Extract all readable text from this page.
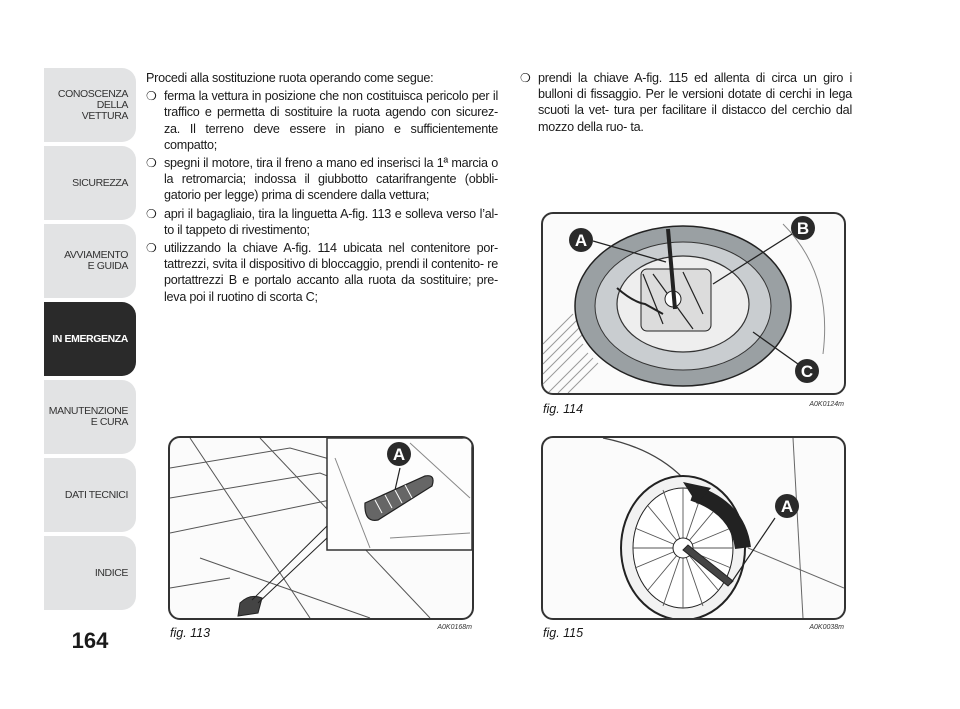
CONOSCENZA
DELLA
VETTURA
SICUREZZA
AVVIAMENTO
E GUIDA
IN EMERGENZA
MANUTENZIONE
E CURA
DATI TECNICI
INDICE
164

Procedi alla sostituzione ruota operando come segue:

❍ ferma la vettura in posizione che non costituisca pericolo per il traffico e permetta di sostituire la ruota agendo con sicurez- za. Il terreno deve essere in piano e sufficientemente compatto;
❍ spegni il motore, tira il freno a mano ed inserisci la 1ª marcia o la retromarcia; indossa il giubbotto catarifrangente (obbli- gatorio per legge) prima di scendere dalla vettura;
❍ apri il bagagliaio, tira la linguetta A-fig. 113 e solleva verso l’al- to il tappeto di rivestimento;
❍ utilizzando la chiave A-fig. 114 ubicata nel contenitore por- tattrezzi, svita il dispositivo di bloccaggio, prendi il contenito- re portattrezzi B e portalo accanto alla ruota da sostituire; pre- leva poi il ruotino di scorta C;
❍ prendi la chiave A-fig. 115 ed allenta di circa un giro i bulloni di fissaggio. Per le versioni dotate di cerchi in lega scuoti la vet- tura per facilitare il distacco del cerchio dal mozzo della ruo- ta.
A
B
C
fig. 114	A0K0124m
A
fig. 113	A0K0168m
A
fig. 115	A0K0038m
